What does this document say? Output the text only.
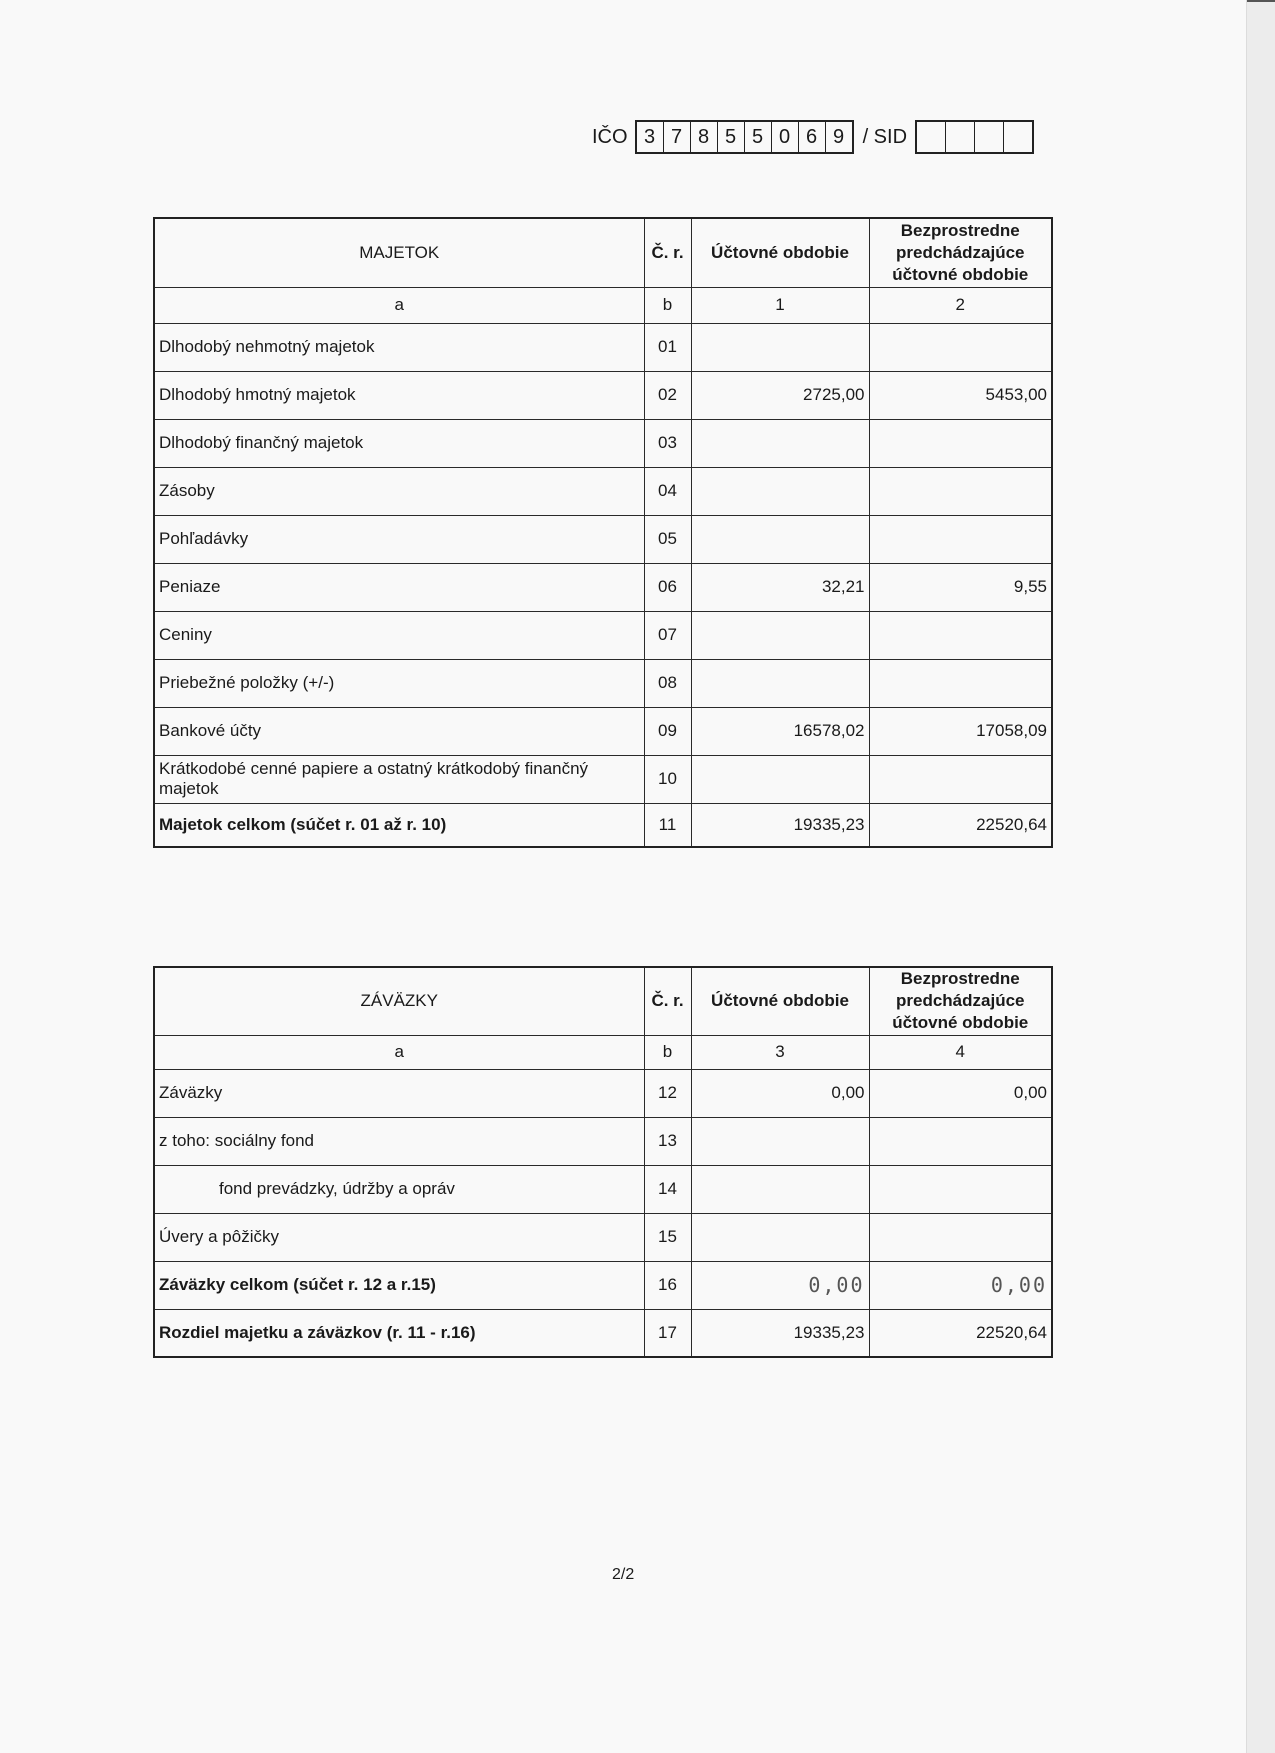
IČO 3 7 8 5 5 0 6 9 / SID
MAJETOK	Č. r.	Účtovné obdobie	Bezprostredne predchádzajúce účtovné obdobie
a	b	1	2
Dlhodobý nehmotný majetok	01		
Dlhodobý hmotný majetok	02	2725,00	5453,00
Dlhodobý finančný majetok	03		
Zásoby	04		
Pohľadávky	05		
Peniaze	06	32,21	9,55
Ceniny	07		
Priebežné položky (+/-)	08		
Bankové účty	09	16578,02	17058,09
Krátkodobé cenné papiere a ostatný krátkodobý finančný majetok	10		
Majetok celkom (súčet r. 01 až r. 10)	11	19335,23	22520,64
ZÁVÄZKY	Č. r.	Účtovné obdobie	Bezprostredne predchádzajúce účtovné obdobie
a	b	3	4
Záväzky	12	0,00	0,00
z toho: sociálny fond	13		
fond prevádzky, údržby a opráv	14		
Úvery a pôžičky	15		
Záväzky celkom (súčet r. 12 a r.15)	16	0,00	0,00
Rozdiel majetku a záväzkov (r. 11 - r.16)	17	19335,23	22520,64
2/2
